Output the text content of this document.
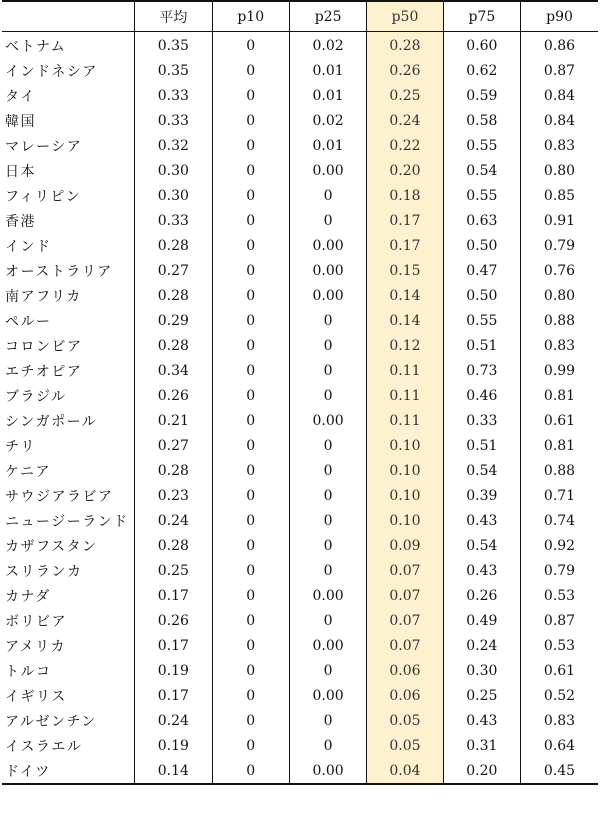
	平均	p10	p25	p50	p75	p90
ベトナム	0.35	0	0.02	0.28	0.60	0.86
インドネシア	0.35	0	0.01	0.26	0.62	0.87
タイ	0.33	0	0.01	0.25	0.59	0.84
韓国	0.33	0	0.02	0.24	0.58	0.84
マレーシア	0.32	0	0.01	0.22	0.55	0.83
日本	0.30	0	0.00	0.20	0.54	0.80
フィリピン	0.30	0	0	0.18	0.55	0.85
香港	0.33	0	0	0.17	0.63	0.91
インド	0.28	0	0.00	0.17	0.50	0.79
オーストラリア	0.27	0	0.00	0.15	0.47	0.76
南アフリカ	0.28	0	0.00	0.14	0.50	0.80
ペルー	0.29	0	0	0.14	0.55	0.88
コロンビア	0.28	0	0	0.12	0.51	0.83
エチオピア	0.34	0	0	0.11	0.73	0.99
ブラジル	0.26	0	0	0.11	0.46	0.81
シンガポール	0.21	0	0.00	0.11	0.33	0.61
チリ	0.27	0	0	0.10	0.51	0.81
ケニア	0.28	0	0	0.10	0.54	0.88
サウジアラビア	0.23	0	0	0.10	0.39	0.71
ニュージーランド	0.24	0	0	0.10	0.43	0.74
カザフスタン	0.28	0	0	0.09	0.54	0.92
スリランカ	0.25	0	0	0.07	0.43	0.79
カナダ	0.17	0	0.00	0.07	0.26	0.53
ボリビア	0.26	0	0	0.07	0.49	0.87
アメリカ	0.17	0	0.00	0.07	0.24	0.53
トルコ	0.19	0	0	0.06	0.30	0.61
イギリス	0.17	0	0.00	0.06	0.25	0.52
アルゼンチン	0.24	0	0	0.05	0.43	0.83
イスラエル	0.19	0	0	0.05	0.31	0.64
ドイツ	0.14	0	0.00	0.04	0.20	0.45
